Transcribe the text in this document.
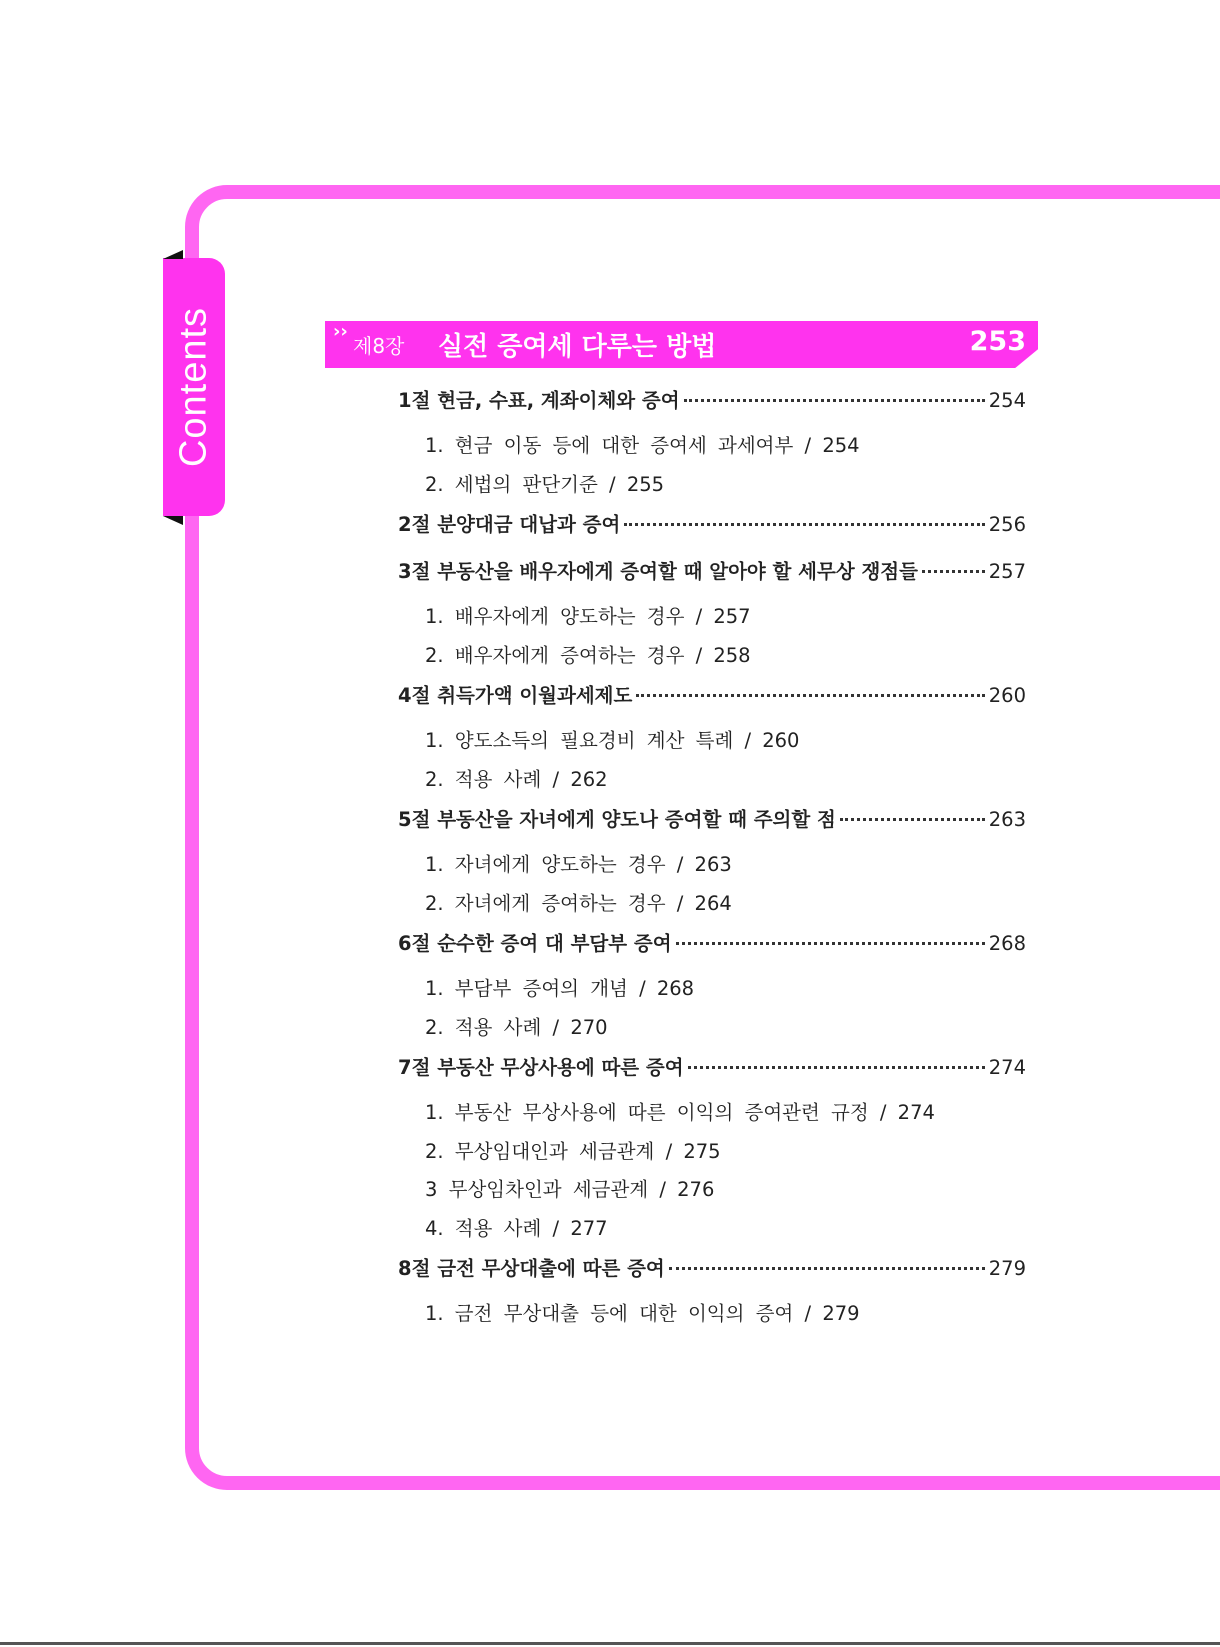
Contents	››
제8장 실전 증여세 다루는 방법	253
1절 현금, 수표, 계좌이체와 증여	254
1. 현금 이동 등에 대한 증여세 과세여부 / 254
2. 세법의 판단기준 / 255
2절 분양대금 대납과 증여	256
3절 부동산을 배우자에게 증여할 때 알아야 할 세무상 쟁점들	257
1. 배우자에게 양도하는 경우 / 257
2. 배우자에게 증여하는 경우 / 258
4절 취득가액 이월과세제도	260
1. 양도소득의 필요경비 계산 특례 / 260
2. 적용 사례 / 262
5절 부동산을 자녀에게 양도나 증여할 때 주의할 점	263
1. 자녀에게 양도하는 경우 / 263
2. 자녀에게 증여하는 경우 / 264
6절 순수한 증여 대 부담부 증여	268
1. 부담부 증여의 개념 / 268
2. 적용 사례 / 270
7절 부동산 무상사용에 따른 증여	274
1. 부동산 무상사용에 따른 이익의 증여관련 규정 / 274
2. 무상임대인과 세금관계 / 275
3 무상임차인과 세금관계 / 276
4. 적용 사례 / 277
8절 금전 무상대출에 따른 증여	279
1. 금전 무상대출 등에 대한 이익의 증여 / 279
